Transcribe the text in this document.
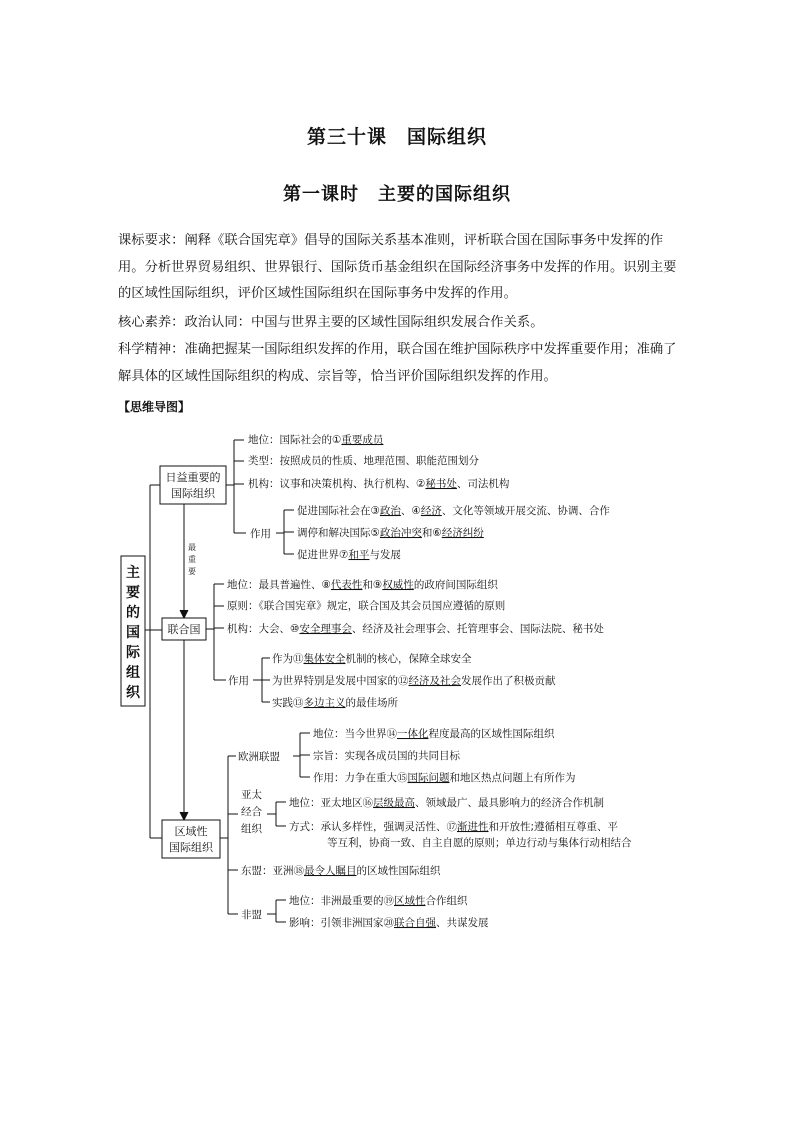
第三十课　国际组织
第一课时　主要的国际组织
课标要求：阐释《联合国宪章》倡导的国际关系基本准则，评析联合国在国际事务中发挥的作用。分析世界贸易组织、世界银行、国际货币基金组织在国际经济事务中发挥的作用。识别主要的区域性国际组织，评价区域性国际组织在国际事务中发挥的作用。
核心素养：政治认同：中国与世界主要的区域性国际组织发展合作关系。
科学精神：准确把握某一国际组织发挥的作用，联合国在维护国际秩序中发挥重要作用；准确了解具体的区域性国际组织的构成、宗旨等，恰当评价国际组织发挥的作用。
【思维导图】
主
要
的
国
际
组
织
日益重要的
国际组织
最
重
要
地位：国际社会的①重要成员
类型：按照成员的性质、地理范围、职能范围划分
机构：议事和决策机构、执行机构、②秘书处、司法机构
作用
促进国际社会在③政治、④经济、文化等领域开展交流、协调、合作
调停和解决国际⑤政治冲突和⑥经济纠纷
促进世界⑦和平与发展
联合国
地位：最具普遍性、⑧代表性和⑨权威性的政府间国际组织
原则：《联合国宪章》规定，联合国及其会员国应遵循的原则
机构：大会、⑩安全理事会、经济及社会理事会、托管理事会、国际法院、秘书处
作用
作为⑪集体安全机制的核心，保障全球安全
为世界特别是发展中国家的⑫经济及社会发展作出了积极贡献
实践⑬多边主义的最佳场所
区域性
国际组织
欧洲联盟
地位：当今世界⑭一体化程度最高的区域性国际组织
宗旨：实现各成员国的共同目标
作用：力争在重大⑮国际问题和地区热点问题上有所作为
亚太
经合
组织
地位：亚太地区⑯层级最高、领域最广、最具影响力的经济合作机制
方式：承认多样性，强调灵活性、⑰渐进性和开放性;遵循相互尊重、平
等互利，协商一致、自主自愿的原则；单边行动与集体行动相结合
东盟：亚洲⑱最令人瞩目的区域性国际组织
非盟
地位：非洲最重要的⑲区域性合作组织
影响：引领非洲国家⑳联合自强、共谋发展
